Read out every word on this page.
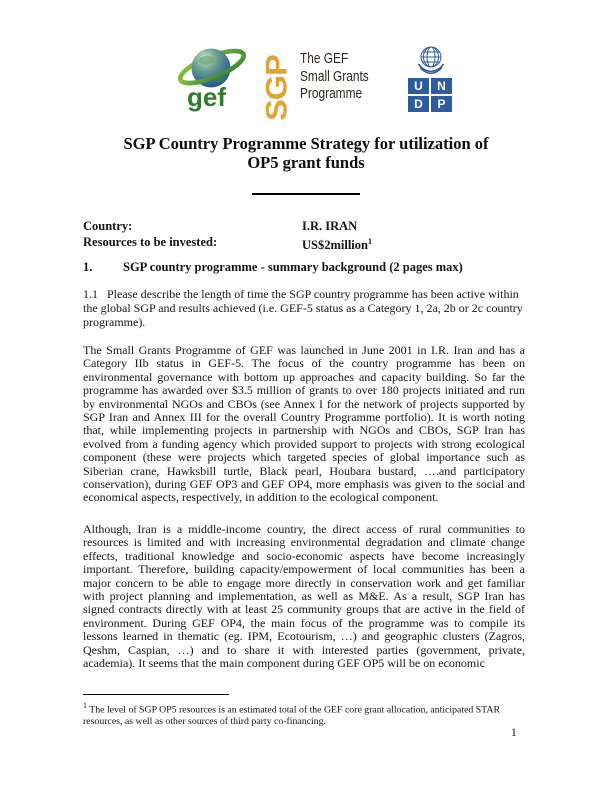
gef SGP The GEF
Small Grants
Programme	U	N
D	P
SGP Country Programme Strategy for utilization of
OP5 grant funds
Country:	I.R. IRAN
Resources to be invested:	US$2million$^1$
1. SGP country programme - summary background (2 pages max)
1.1   Please describe the length of time the SGP country programme has been active within the global SGP and results achieved (i.e. GEF-5 status as a Category 1, 2a, 2b or 2c country programme).
The Small Grants Programme of GEF was launched in June 2001 in I.R. Iran and has a Category IIb status in GEF-5. The focus of the country programme has been on environmental governance with bottom up approaches and capacity building. So far the programme has awarded over $3.5 million of grants to over 180 projects initiated and run by environmental NGOs and CBOs (see Annex I for the network of projects supported by SGP Iran and Annex III for the overall Country Programme portfolio). It is worth noting that, while implementing projects in partnership with NGOs and CBOs, SGP Iran has evolved from a funding agency which provided support to projects with strong ecological component (these were projects which targeted species of global importance such as Siberian crane, Hawksbill turtle, Black pearl, Houbara bustard, ….and participatory conservation), during GEF OP3 and GEF OP4, more emphasis was given to the social and economical aspects, respectively, in addition to the ecological component.
Although, Iran is a middle-income country, the direct access of rural communities to resources is limited and with increasing environmental degradation and climate change effects, traditional knowledge and socio-economic aspects have become increasingly important. Therefore, building capacity/empowerment of local communities has been a major concern to be able to engage more directly in conservation work and get familiar with project planning and implementation, as well as M&E. As a result, SGP Iran has signed contracts directly with at least 25 community groups that are active in the field of environment. During GEF OP4, the main focus of the programme was to compile its lessons learned in thematic (eg. IPM, Ecotourism, …) and geographic clusters (Zagros, Qeshm, Caspian, …) and to share it with interested parties (government, private, academia). It seems that the main component during GEF OP5 will be on economic
$^1$ The level of SGP OP5 resources is an estimated total of the GEF core grant allocation, anticipated STAR resources, as well as other sources of third party co-financing.
1
